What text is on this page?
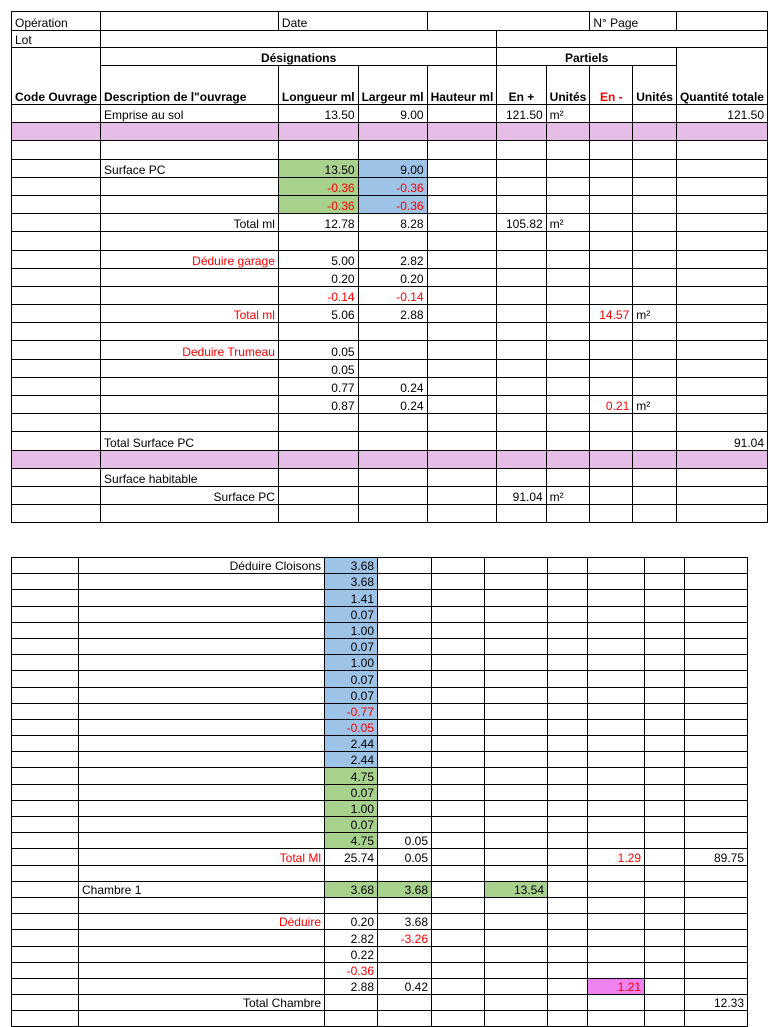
Opération		Date					N° Page		
Lot									
Code Ouvrage	Désignations				Partiels				Quantité totale
	Description de l"ouvrage	Longueur ml	Largeur ml	Hauteur ml	En +	Unités	En -	Unités	
	Emprise au sol	13.50	9.00		121.50	m²			121.50

	Surface PC	13.50	9.00						
		-0.36	-0.36						
		-0.36	-0.36						
	Total ml	12.78	8.28		105.82	m²			

	Déduire garage	5.00	2.82						
		0.20	0.20						
		-0.14	-0.14						
	Total ml	5.06	2.88				14.57	m²	

	Deduire Trumeau	0.05							
		0.05							
		0.77	0.24						
		0.87	0.24				0.21	m²	

	Total Surface PC								91.04

	Surface habitable								
	Surface PC				91.04	m²			

	Déduire Cloisons	3.68							
		3.68							
		1.41							
		0.07							
		1.00							
		0.07							
		1.00							
		0.07							
		0.07							
		-0.77							
		-0.05							
		2.44							
		2.44							
		4.75							
		0.07							
		1.00							
		0.07							
		4.75	0.05						
	Total Ml	25.74	0.05				1.29		89.75

	Chambre 1	3.68	3.68		13.54				

	Déduire	0.20	3.68						
		2.82	-3.26						
		0.22							
		-0.36							
		2.88	0.42				1.21		
	Total Chambre								12.33
